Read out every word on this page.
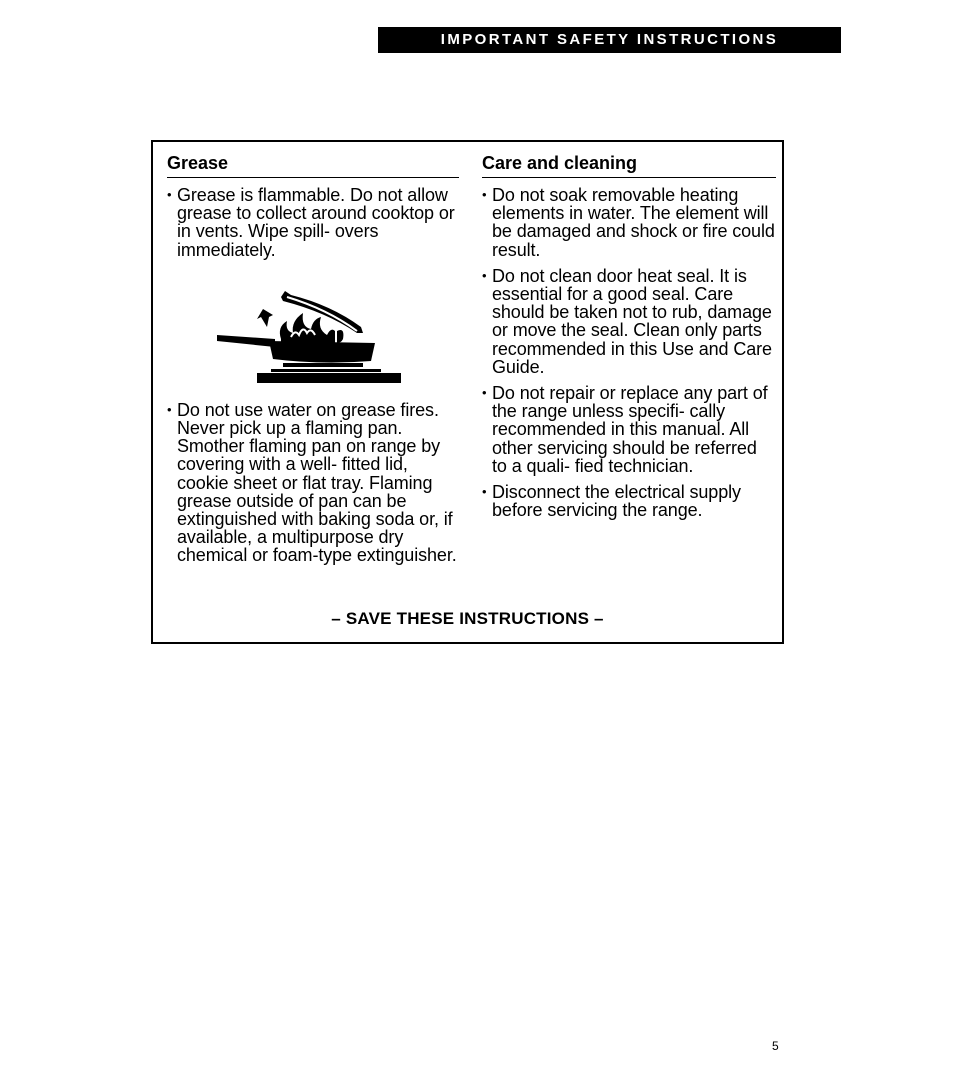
IMPORTANT SAFETY INSTRUCTIONS
Grease

• Grease is flammable. Do not allow grease to collect around cooktop or in vents. Wipe spill- overs immediately.

• Do not use water on grease fires. Never pick up a flaming pan. Smother flaming pan on range by covering with a well- fitted lid, cookie sheet or flat tray. Flaming grease outside of pan can be extinguished with baking soda or, if available, a multipurpose dry chemical or foam-type extinguisher.

Care and cleaning

• Do not soak removable heating elements in water. The element will be damaged and shock or fire could result.

• Do not clean door heat seal. It is essential for a good seal. Care should be taken not to rub, damage or move the seal. Clean only parts recommended in this Use and Care Guide.

• Do not repair or replace any part of the range unless specifi- cally recommended in this manual. All other servicing should be referred to a quali- fied technician.

• Disconnect the electrical supply before servicing the range.

– SAVE THESE INSTRUCTIONS –
5
